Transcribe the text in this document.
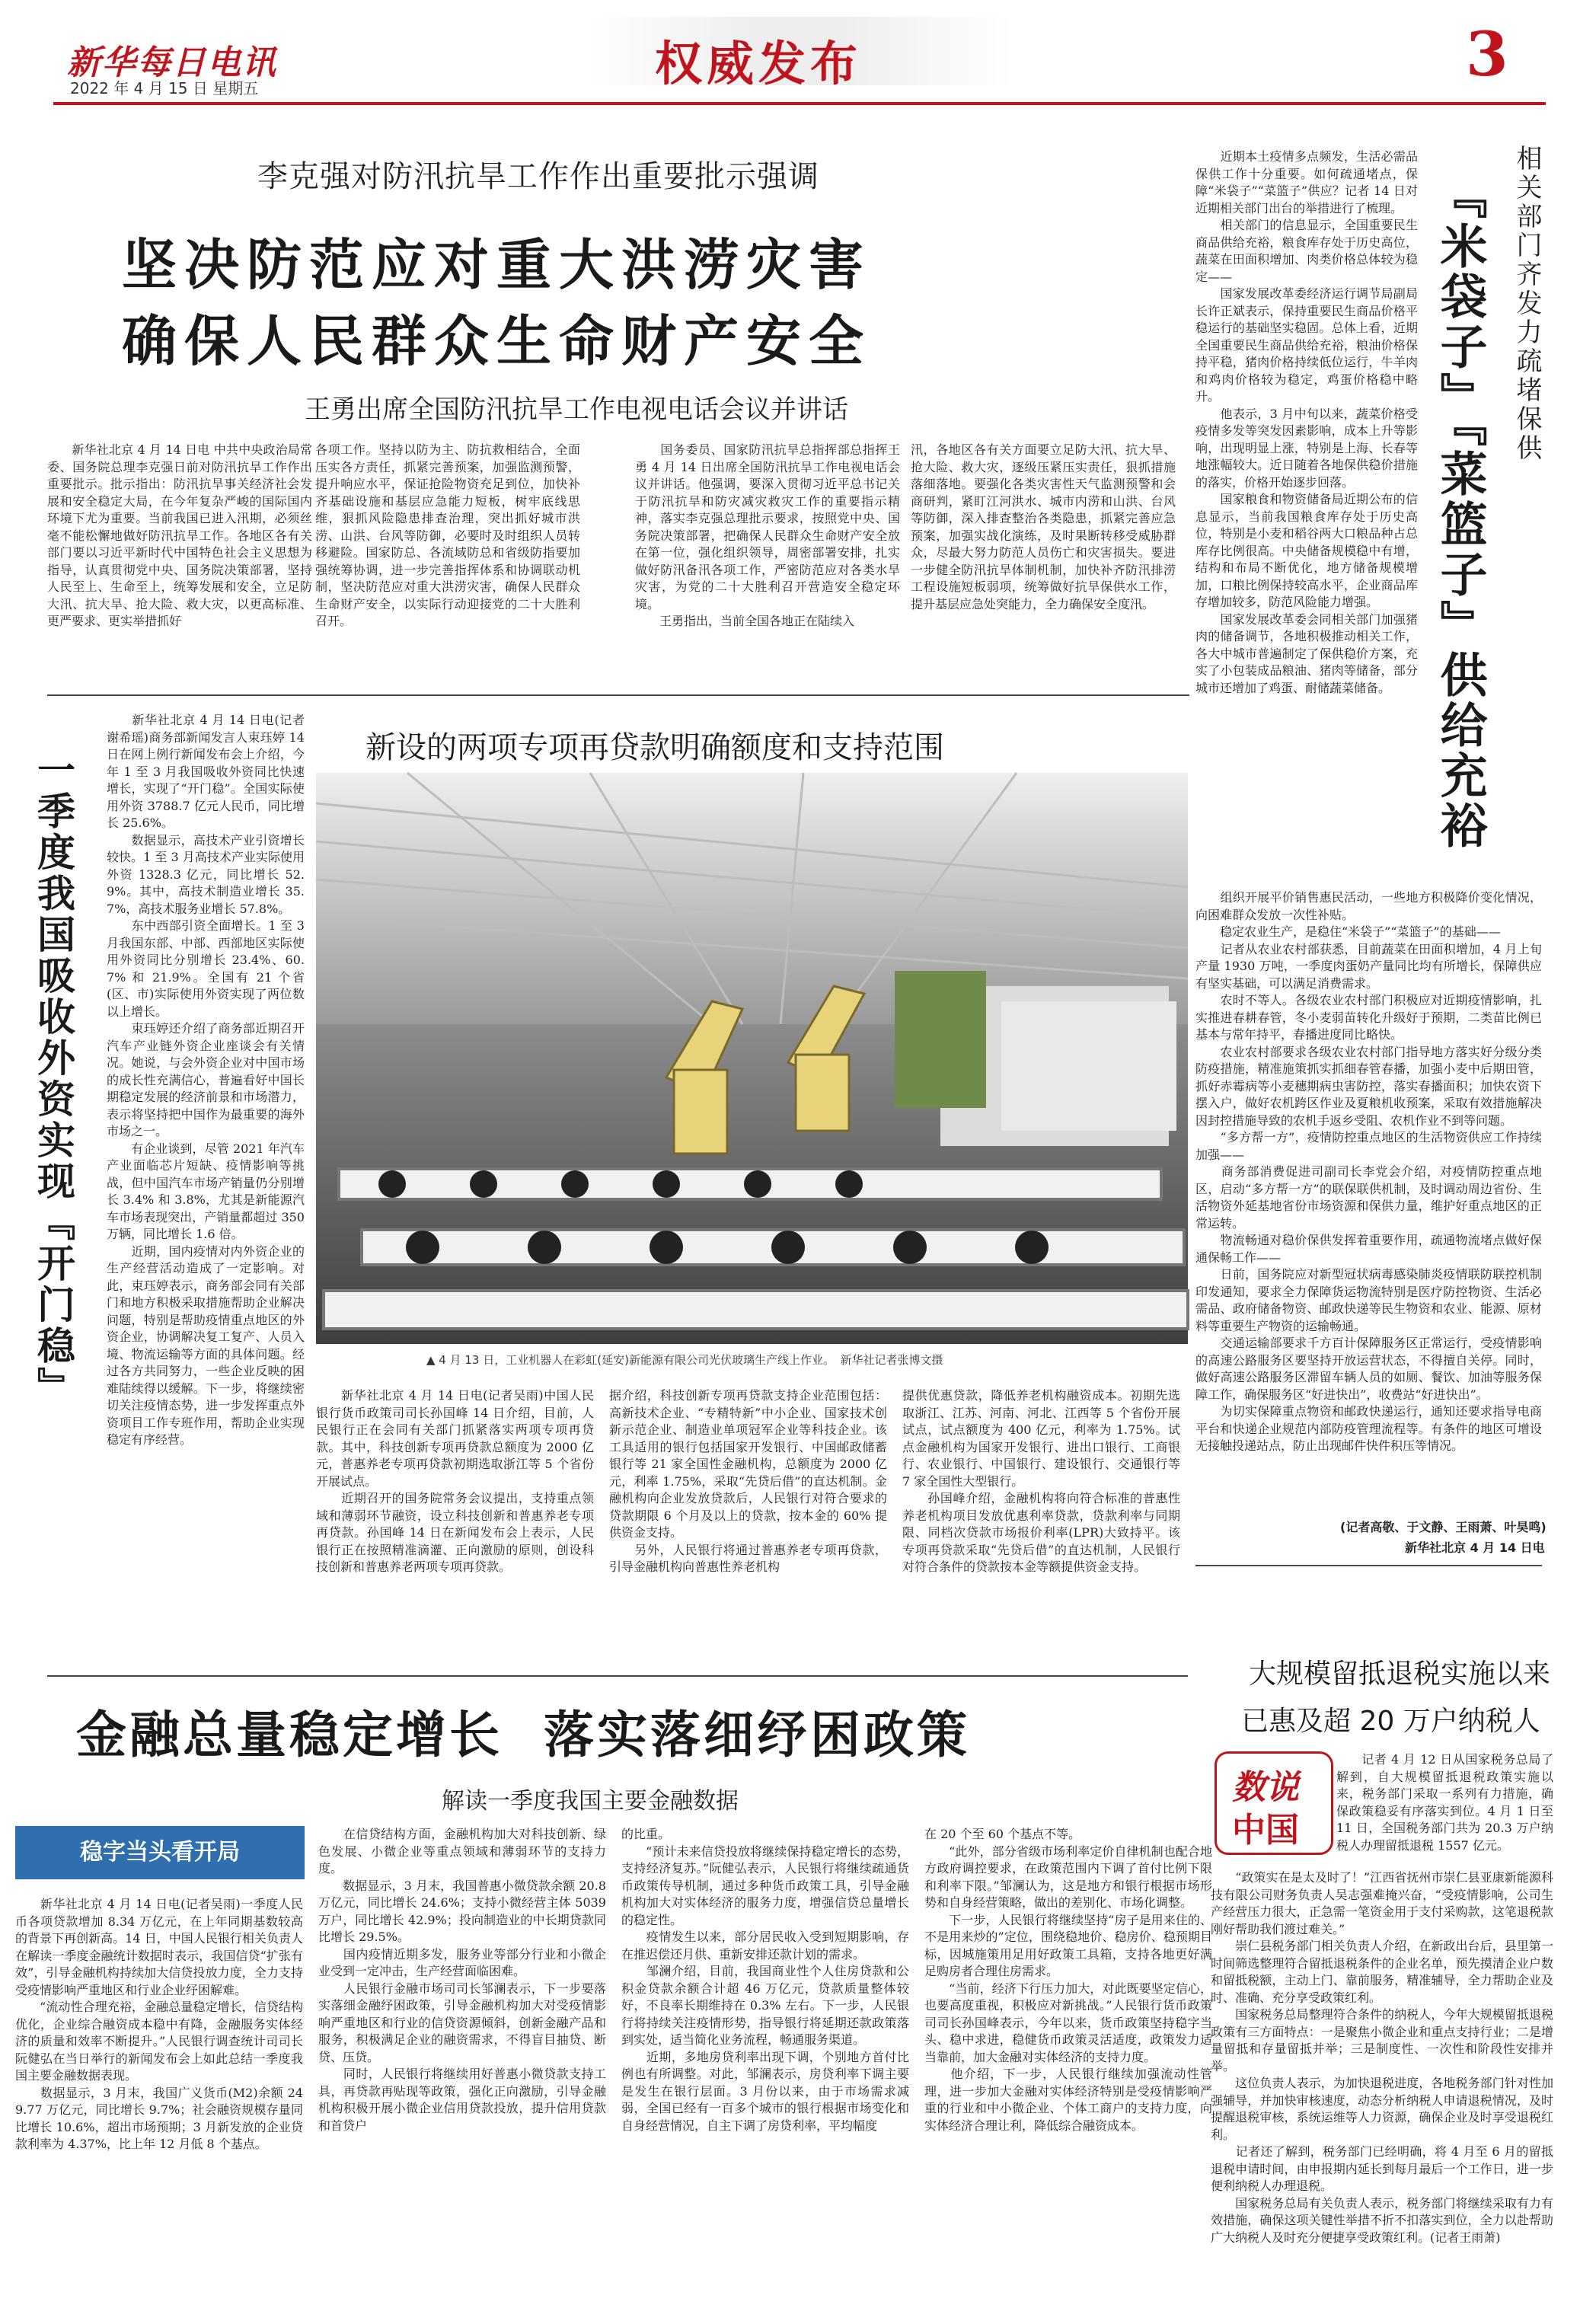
新华每日电讯
2022 年 4 月 15 日 星期五	权威发布	3
李克强对防汛抗旱工作作出重要批示强调
坚决防范应对重大洪涝灾害
确保人民群众生命财产安全
王勇出席全国防汛抗旱工作电视电话会议并讲话
　　新华社北京 4 月 14 日电 中共中央政治局常委、国务院总理李克强日前对防汛抗旱工作作出重要批示。批示指出：防汛抗旱事关经济社会发展和安全稳定大局，在今年复杂严峻的国际国内环境下尤为重要。当前我国已进入汛期，必须丝毫不能松懈地做好防汛抗旱工作。各地区各有关部门要以习近平新时代中国特色社会主义思想为指导，认真贯彻党中央、国务院决策部署，坚持人民至上、生命至上，统筹发展和安全，立足防大汛、抗大旱、抢大险、救大灾，以更高标准、更严要求、更实举措抓好
各项工作。坚持以防为主、防抗救相结合，全面压实各方责任，抓紧完善预案，加强监测预警，提升响应水平，保证抢险物资充足到位，加快补齐基础设施和基层应急能力短板，树牢底线思维，狠抓风险隐患排查治理，突出抓好城市洪涝、山洪、台风等防御，必要时及时组织人员转移避险。国家防总、各流域防总和省级防指要加强统筹协调，进一步完善指挥体系和协调联动机制，坚决防范应对重大洪涝灾害，确保人民群众生命财产安全，以实际行动迎接党的二十大胜利召开。
　　国务委员、国家防汛抗旱总指挥部总指挥王勇 4 月 14 日出席全国防汛抗旱工作电视电话会议并讲话。他强调，要深入贯彻习近平总书记关于防汛抗旱和防灾减灾救灾工作的重要指示精神，落实李克强总理批示要求，按照党中央、国务院决策部署，把确保人民群众生命财产安全放在第一位，强化组织领导，周密部署安排，扎实做好防汛备汛各项工作，严密防范应对各类水旱灾害，为党的二十大胜利召开营造安全稳定环境。
　　王勇指出，当前全国各地正在陆续入
汛，各地区各有关方面要立足防大汛、抗大旱、抢大险、救大灾，逐级压紧压实责任，狠抓措施落细落地。要强化各类灾害性天气监测预警和会商研判，紧盯江河洪水、城市内涝和山洪、台风等防御，深入排查整治各类隐患，抓紧完善应急预案，加强实战化演练，及时果断转移受威胁群众，尽最大努力防范人员伤亡和灾害损失。要进一步健全防汛抗旱体制机制，加快补齐防汛排涝工程设施短板弱项，统筹做好抗旱保供水工作，提升基层应急处突能力，全力确保安全度汛。
一季度我国吸收外资实现『开门稳』
　　新华社北京 4 月 14 日电(记者谢希瑶)商务部新闻发言人束珏婷 14 日在网上例行新闻发布会上介绍，今年 1 至 3 月我国吸收外资同比快速增长，实现了“开门稳”。全国实际使用外资 3788.7 亿元人民币，同比增长 25.6%。
　　数据显示，高技术产业引资增长较快。1 至 3 月高技术产业实际使用外资 1328.3 亿元，同比增长 52.9%。其中，高技术制造业增长 35.7%，高技术服务业增长 57.8%。
　　东中西部引资全面增长。1 至 3 月我国东部、中部、西部地区实际使用外资同比分别增长 23.4%、60.7% 和 21.9%。全国有 21 个省(区、市)实际使用外资实现了两位数以上增长。
　　束珏婷还介绍了商务部近期召开汽车产业链外资企业座谈会有关情况。她说，与会外资企业对中国市场的成长性充满信心，普遍看好中国长期稳定发展的经济前景和市场潜力，表示将坚持把中国作为最重要的海外市场之一。
　　有企业谈到，尽管 2021 年汽车产业面临芯片短缺、疫情影响等挑战，但中国汽车市场产销量仍分别增长 3.4% 和 3.8%，尤其是新能源汽车市场表现突出，产销量都超过 350 万辆，同比增长 1.6 倍。
　　近期，国内疫情对内外资企业的生产经营活动造成了一定影响。对此，束珏婷表示，商务部会同有关部门和地方积极采取措施帮助企业解决问题，特别是帮助疫情重点地区的外资企业，协调解决复工复产、人员入境、物流运输等方面的具体问题。经过各方共同努力，一些企业反映的困难陆续得以缓解。下一步，将继续密切关注疫情态势，进一步发挥重点外资项目工作专班作用，帮助企业实现稳定有序经营。
新设的两项专项再贷款明确额度和支持范围
▲ 4 月 13 日，工业机器人在彩虹(延安)新能源有限公司光伏玻璃生产线上作业。　新华社记者张博文摄
　　新华社北京 4 月 14 日电(记者吴雨)中国人民银行货币政策司司长孙国峰 14 日介绍，目前，人民银行正在会同有关部门抓紧落实两项专项再贷款。其中，科技创新专项再贷款总额度为 2000 亿元，普惠养老专项再贷款初期选取浙江等 5 个省份开展试点。
　　近期召开的国务院常务会议提出，支持重点领域和薄弱环节融资，设立科技创新和普惠养老专项再贷款。孙国峰 14 日在新闻发布会上表示，人民银行正在按照精准滴灌、正向激励的原则，创设科技创新和普惠养老两项专项再贷款。
据介绍，科技创新专项再贷款支持企业范围包括：高新技术企业、“专精特新”中小企业、国家技术创新示范企业、制造业单项冠军企业等科技企业。该工具适用的银行包括国家开发银行、中国邮政储蓄银行等 21 家全国性金融机构，总额度为 2000 亿元，利率 1.75%，采取“先贷后借”的直达机制。金融机构向企业发放贷款后，人民银行对符合要求的贷款期限 6 个月及以上的贷款，按本金的 60% 提供资金支持。
　　另外，人民银行将通过普惠养老专项再贷款，引导金融机构向普惠性养老机构
提供优惠贷款，降低养老机构融资成本。初期先选取浙江、江苏、河南、河北、江西等 5 个省份开展试点，试点额度为 400 亿元，利率为 1.75%。试点金融机构为国家开发银行、进出口银行、工商银行、农业银行、中国银行、建设银行、交通银行等 7 家全国性大型银行。
　　孙国峰介绍，金融机构将向符合标准的普惠性养老机构项目发放优惠利率贷款，贷款利率与同期限、同档次贷款市场报价利率(LPR)大致持平。该专项再贷款采取“先贷后借”的直达机制，人民银行对符合条件的贷款按本金等额提供资金支持。
相关部门齐发力疏堵保供
『米袋子』『菜篮子』供给充裕
　　近期本土疫情多点频发，生活必需品保供工作十分重要。如何疏通堵点，保障“米袋子”“菜篮子”供应？记者 14 日对近期相关部门出台的举措进行了梳理。
　　相关部门的信息显示，全国重要民生商品供给充裕，粮食库存处于历史高位，蔬菜在田面积增加、肉类价格总体较为稳定——
　　国家发展改革委经济运行调节局副局长许正斌表示，保持重要民生商品价格平稳运行的基础坚实稳固。总体上看，近期全国重要民生商品供给充裕，粮油价格保持平稳，猪肉价格持续低位运行，牛羊肉和鸡肉价格较为稳定，鸡蛋价格稳中略升。
　　他表示，3 月中旬以来，蔬菜价格受疫情多发等突发因素影响，成本上升等影响，出现明显上涨，特别是上海、长春等地涨幅较大。近日随着各地保供稳价措施的落实，价格开始逐步回落。
　　国家粮食和物资储备局近期公布的信息显示，当前我国粮食库存处于历史高位，特别是小麦和稻谷两大口粮品种占总库存比例很高。中央储备规模稳中有增，结构和布局不断优化，地方储备规模增加，口粮比例保持较高水平，企业商品库存增加较多，防范风险能力增强。
　　国家发展改革委会同相关部门加强猪肉的储备调节，各地积极推动相关工作，各大中城市普遍制定了保供稳价方案，充实了小包装成品粮油、猪肉等储备，部分城市还增加了鸡蛋、耐储蔬菜储备。
　　组织开展平价销售惠民活动，一些地方积极降价变化情况，向困难群众发放一次性补贴。
　　稳定农业生产，是稳住“米袋子”“菜篮子”的基础——
　　记者从农业农村部获悉，目前蔬菜在田面积增加，4 月上旬产量 1930 万吨，一季度肉蛋奶产量同比均有所增长，保障供应有坚实基础，可以满足消费需求。
　　农时不等人。各级农业农村部门积极应对近期疫情影响，扎实推进春耕春管，冬小麦弱苗转化升级好于预期，二类苗比例已基本与常年持平，春播进度同比略快。
　　农业农村部要求各级农业农村部门指导地方落实好分级分类防疫措施，精准施策抓实抓细春管春播，加强小麦中后期田管，抓好赤霉病等小麦穗期病虫害防控，落实春播面积；加快农资下摆入户，做好农机跨区作业及夏粮机收预案，采取有效措施解决因封控措施导致的农机手返乡受阻、农机作业不到等问题。
　　“多方帮一方”，疫情防控重点地区的生活物资供应工作持续加强——
　　商务部消费促进司副司长李党会介绍，对疫情防控重点地区，启动“多方帮一方”的联保联供机制，及时调动周边省份、生活物资外延基地省份市场资源和保供力量，维护好重点地区的正常运转。
　　物流畅通对稳价保供发挥着重要作用，疏通物流堵点做好保通保畅工作——
　　日前，国务院应对新型冠状病毒感染肺炎疫情联防联控机制印发通知，要求全力保障货运物流特别是医疗防控物资、生活必需品、政府储备物资、邮政快递等民生物资和农业、能源、原材料等重要生产物资的运输畅通。
　　交通运输部要求千方百计保障服务区正常运行，受疫情影响的高速公路服务区要坚持开放运营状态，不得擅自关停。同时，做好高速公路服务区滞留车辆人员的如厕、餐饮、加油等服务保障工作，确保服务区“好进快出”，收费站“好进快出”。
　　为切实保障重点物资和邮政快递运行，通知还要求指导电商平台和快递企业规范内部防疫管理流程等。有条件的地区可增设无接触投递站点，防止出现邮件快件积压等情况。
(记者高敬、于文静、王雨萧、叶昊鸣)
新华社北京 4 月 14 日电
金融总量稳定增长  落实落细纾困政策
解读一季度我国主要金融数据
稳字当头看开局
　　新华社北京 4 月 14 日电(记者吴雨)一季度人民币各项贷款增加 8.34 万亿元，在上年同期基数较高的背景下再创新高。14 日，中国人民银行相关负责人在解读一季度金融统计数据时表示，我国信贷“扩张有效”，引导金融机构持续加大信贷投放力度，全力支持受疫情影响严重地区和行业企业纾困解难。
　　“流动性合理充裕，金融总量稳定增长，信贷结构优化，企业综合融资成本稳中有降，金融服务实体经济的质量和效率不断提升。”人民银行调查统计司司长阮健弘在当日举行的新闻发布会上如此总结一季度我国主要金融数据表现。
　　数据显示，3 月末，我国广义货币(M2)余额 249.77 万亿元，同比增长 9.7%；社会融资规模存量同比增长 10.6%，超出市场预期；3 月新发放的企业贷款利率为 4.37%，比上年 12 月低 8 个基点。
　　在信贷结构方面，金融机构加大对科技创新、绿色发展、小微企业等重点领域和薄弱环节的支持力度。
　　数据显示，3 月末，我国普惠小微贷款余额 20.8 万亿元，同比增长 24.6%；支持小微经营主体 5039 万户，同比增长 42.9%；投向制造业的中长期贷款同比增长 29.5%。
　　国内疫情近期多发，服务业等部分行业和小微企业受到一定冲击，生产经营面临困难。
　　人民银行金融市场司司长邹澜表示，下一步要落实落细金融纾困政策，引导金融机构加大对受疫情影响严重地区和行业的信贷资源倾斜，创新金融产品和服务，积极满足企业的融资需求，不得盲目抽贷、断贷、压贷。
　　同时，人民银行将继续用好普惠小微贷款支持工具，再贷款再贴现等政策，强化正向激励，引导金融机构积极开展小微企业信用贷款投放，提升信用贷款和首贷户
的比重。
　　“预计未来信贷投放将继续保持稳定增长的态势，支持经济复苏。”阮健弘表示，人民银行将继续疏通货币政策传导机制，通过多种货币政策工具，引导金融机构加大对实体经济的服务力度，增强信贷总量增长的稳定性。
　　疫情发生以来，部分居民收入受到短期影响，存在推迟偿还月供、重新安排还款计划的需求。
　　邹澜介绍，目前，我国商业性个人住房贷款和公积金贷款余额合计超 46 万亿元，贷款质量整体较好，不良率长期维持在 0.3% 左右。下一步，人民银行将持续关注疫情形势，指导银行将延期还款政策落到实处，适当简化业务流程，畅通服务渠道。
　　近期，多地房贷利率出现下调，个别地方首付比例也有所调整。对此，邹澜表示，房贷利率下调主要是发生在银行层面。3 月份以来，由于市场需求减弱，全国已经有一百多个城市的银行根据市场变化和自身经营情况，自主下调了房贷利率，平均幅度
在 20 个至 60 个基点不等。
　　“此外，部分省级市场利率定价自律机制也配合地方政府调控要求，在政策范围内下调了首付比例下限和利率下限。”邹澜认为，这是地方和银行根据市场形势和自身经营策略，做出的差别化、市场化调整。
　　下一步，人民银行将继续坚持“房子是用来住的、不是用来炒的”定位，围绕稳地价、稳房价、稳预期目标，因城施策用足用好政策工具箱，支持各地更好满足购房者合理住房需求。
　　“当前，经济下行压力加大，对此既要坚定信心，也要高度重视，积极应对新挑战。”人民银行货币政策司司长孙国峰表示，今年以来，货币政策坚持稳字当头、稳中求进，稳健货币政策灵活适度，政策发力适当靠前，加大金融对实体经济的支持力度。
　　他介绍，下一步，人民银行继续加强流动性管理，进一步加大金融对实体经济特别是受疫情影响严重的行业和中小微企业、个体工商户的支持力度，向实体经济合理让利，降低综合融资成本。
大规模留抵退税实施以来
已惠及超 20 万户纳税人
数说
中国
　　记者 4 月 12 日从国家税务总局了解到，自大规模留抵退税政策实施以来，税务部门采取一系列有力措施，确保政策稳妥有序落实到位。4 月 1 日至 11 日，全国税务部门共为 20.3 万户纳税人办理留抵退税 1557 亿元。
　　“政策实在是太及时了！”江西省抚州市崇仁县亚康新能源科技有限公司财务负责人吴志强难掩兴奋，“受疫情影响，公司生产经营压力很大，正急需一笔资金用于支付采购款，这笔退税款刚好帮助我们渡过难关。”
　　崇仁县税务部门相关负责人介绍，在新政出台后，县里第一时间筛选整理符合留抵退税条件的企业名单，预先摸清企业户数和留抵税额，主动上门、靠前服务，精准辅导，全力帮助企业及时、准确、充分享受政策红利。
　　国家税务总局整理符合条件的纳税人，今年大规模留抵退税政策有三方面特点：一是聚焦小微企业和重点支持行业；二是增量留抵和存量留抵并举；三是制度性、一次性和阶段性安排并举。
　　这位负责人表示，为加快退税进度，各地税务部门针对性加强辅导，并加快审核速度，动态分析纳税人申请退税情况，及时提醒退税审核，系统运维等人力资源，确保企业及时享受退税红利。
　　记者还了解到，税务部门已经明确，将 4 月至 6 月的留抵退税申请时间，由申报期内延长到每月最后一个工作日，进一步便利纳税人办理退税。
　　国家税务总局有关负责人表示，税务部门将继续采取有力有效措施，确保这项关键性举措不折不扣落实到位，全力以赴帮助广大纳税人及时充分便捷享受政策红利。(记者王雨萧)
